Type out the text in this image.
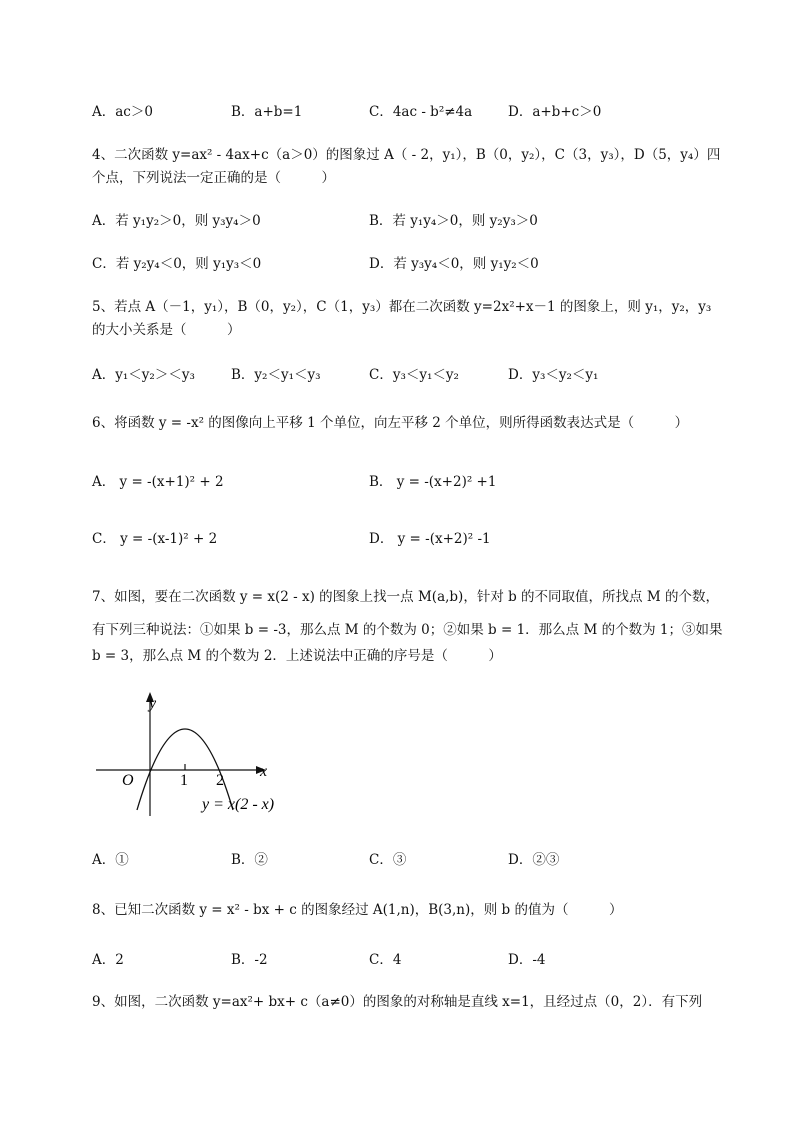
A．ac＞0	B．a+b=1	C．4ac - b²≠4a	D．a+b+c＞0
4、二次函数 y=ax² - 4ax+c（a＞0）的图象过 A（ - 2，y₁），B（0，y₂），C（3，y₃），D（5，y₄）四
个点，下列说法一定正确的是（　　　）
A．若 y₁y₂＞0，则 y₃y₄＞0	B．若 y₁y₄＞0，则 y₂y₃＞0
C．若 y₂y₄＜0，则 y₁y₃＜0	D．若 y₃y₄＜0，则 y₁y₂＜0
5、若点 A（－1，y₁），B（0，y₂），C（1，y₃）都在二次函数 y=2x²+x－1 的图象上，则 y₁，y₂，y₃
的大小关系是（　　　）
A．y₁＜y₂＞＜y₃	B．y₂＜y₁＜y₃	C．y₃＜y₁＜y₂	D．y₃＜y₂＜y₁
6、将函数 y = -x² 的图像向上平移 1 个单位，向左平移 2 个单位，则所得函数表达式是（　　　）
A． y = -(x+1)² + 2	B． y = -(x+2)² +1
C． y = -(x-1)² + 2	D． y = -(x+2)² -1
7、如图，要在二次函数 y = x(2 - x) 的图象上找一点 M(a,b)，针对 b 的不同取值，所找点 M 的个数，
有下列三种说法：①如果 b = -3，那么点 M 的个数为 0；②如果 b = 1．那么点 M 的个数为 1；③如果
b = 3，那么点 M 的个数为 2．上述说法中正确的序号是（　　　）
y
x
O	1 2
y = x(2 - x)
A．①	B．②	C．③	D．②③
8、已知二次函数 y = x² - bx + c 的图象经过 A(1,n)，B(3,n)，则 b 的值为（　　　）
A．2	B．-2	C．4	D．-4
9、如图，二次函数 y=ax²+ bx+ c（a≠0）的图象的对称轴是直线 x=1，且经过点（0，2）．有下列
